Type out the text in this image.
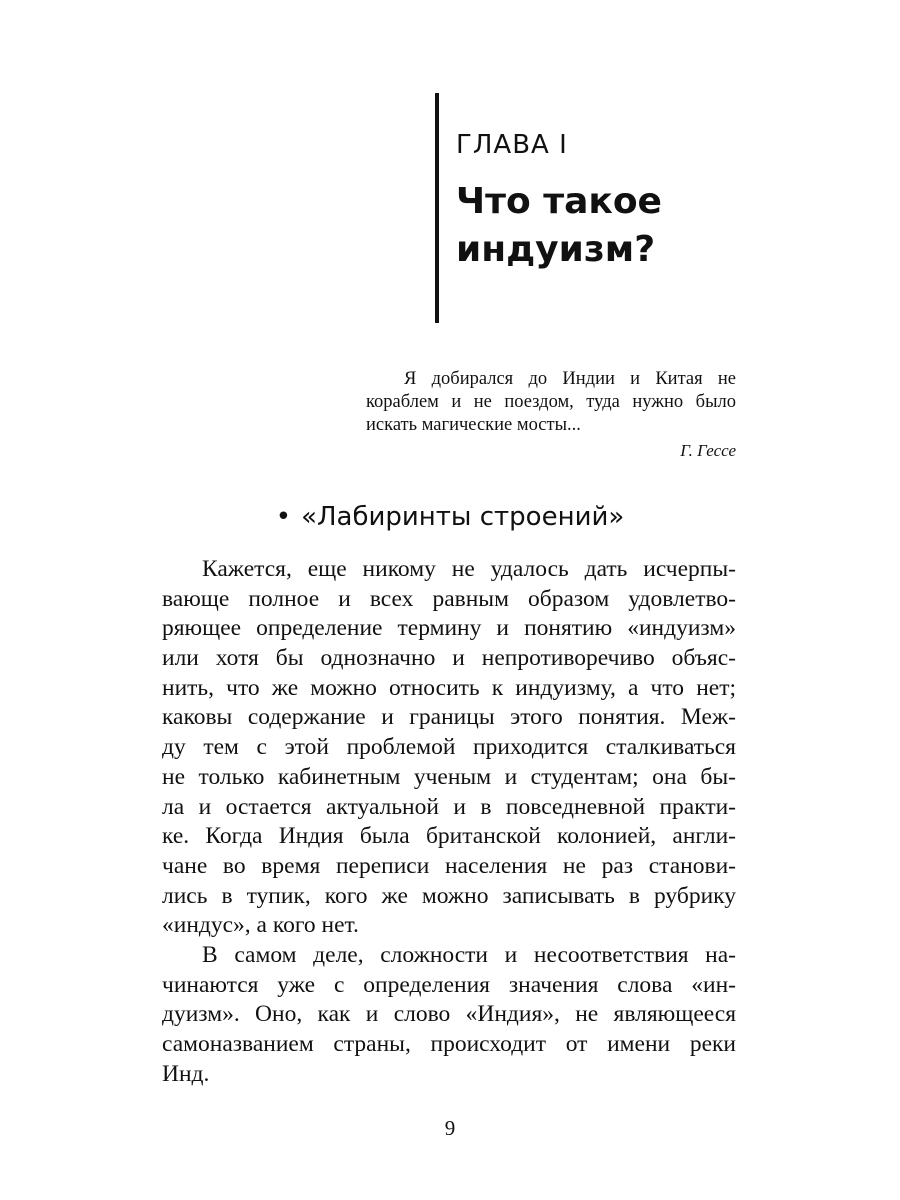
ГЛАВА I
Что такое
индуизм?
Я добирался до Индии и Китая не
кораблем и не поездом, туда нужно было
искать магические мосты...
Г. Гессе
• «Лабиринты строений»
Кажется, еще никому не удалось дать исчерпы-
вающе полное и всех равным образом удовлетво-
ряющее определение термину и понятию «индуизм»
или хотя бы однозначно и непротиворечиво объяс-
нить, что же можно относить к индуизму, а что нет;
каковы содержание и границы этого понятия. Меж-
ду тем с этой проблемой приходится сталкиваться
не только кабинетным ученым и студентам; она бы-
ла и остается актуальной и в повседневной практи-
ке. Когда Индия была британской колонией, англи-
чане во время переписи населения не раз станови-
лись в тупик, кого же можно записывать в рубрику
«индус», а кого нет.
В самом деле, сложности и несоответствия на-
чинаются уже с определения значения слова «ин-
дуизм». Оно, как и слово «Индия», не являющееся
самоназванием страны, происходит от имени реки
Инд.
9
